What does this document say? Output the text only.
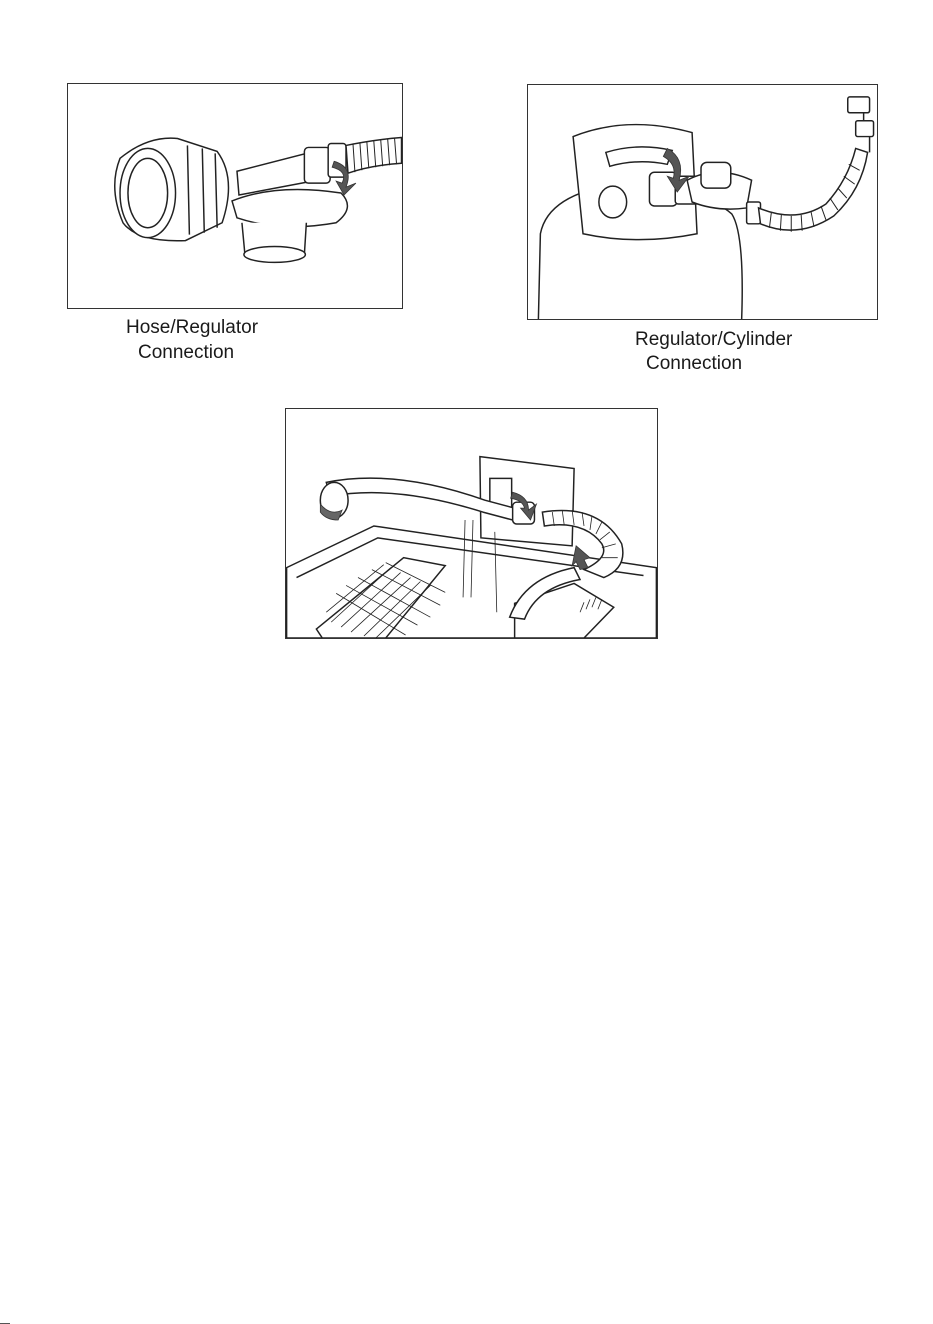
Hose/Regulator
Connection
Regulator/Cylinder
Connection
